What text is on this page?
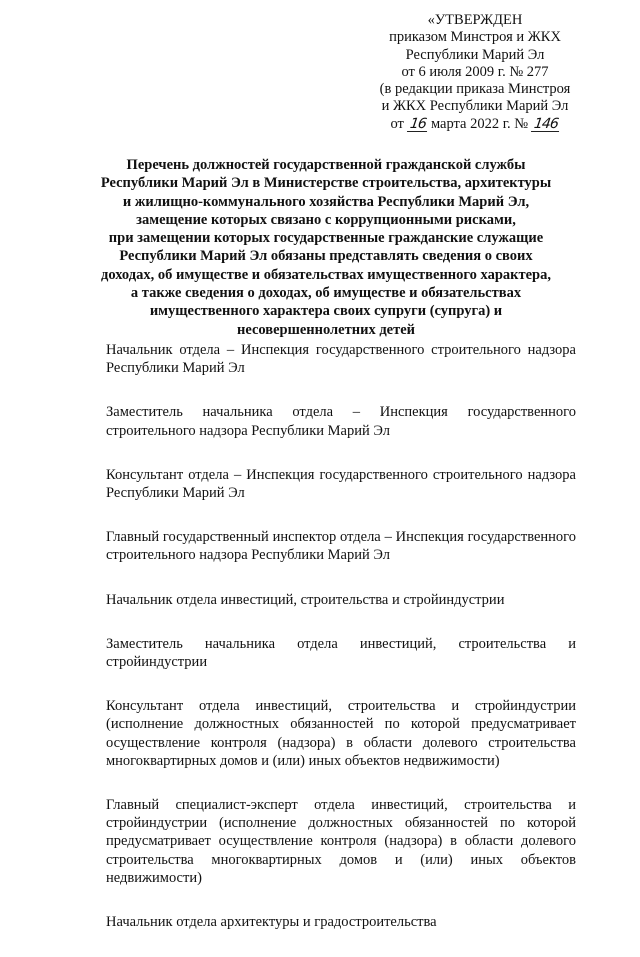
«УТВЕРЖДЕН
приказом Минстроя и ЖКХ
Республики Марий Эл
от 6 июля 2009 г. № 277
(в редакции приказа Минстроя
и ЖКХ Республики Марий Эл
от 16 марта 2022 г. № 146
Перечень должностей государственной гражданской службы
Республики Марий Эл в Министерстве строительства, архитектуры
и жилищно-коммунального хозяйства Республики Марий Эл,
замещение которых связано с коррупционными рисками,
при замещении которых государственные гражданские служащие
Республики Марий Эл обязаны представлять сведения о своих
доходах, об имуществе и обязательствах имущественного характера,
а также сведения о доходах, об имуществе и обязательствах
имущественного характера своих супруги (супруга) и
несовершеннолетних детей

Начальник отдела – Инспекция государственного строительного надзора Республики Марий Эл

Заместитель начальника отдела – Инспекция государственного строительного надзора Республики Марий Эл

Консультант отдела – Инспекция государственного строительного надзора Республики Марий Эл

Главный государственный инспектор отдела – Инспекция государственного строительного надзора Республики Марий Эл

Начальник отдела инвестиций, строительства и стройиндустрии

Заместитель начальника отдела инвестиций, строительства и стройиндустрии

Консультант отдела инвестиций, строительства и стройиндустрии (исполнение должностных обязанностей по которой предусматривает осуществление контроля (надзора) в области долевого строительства многоквартирных домов и (или) иных объектов недвижимости)

Главный специалист-эксперт отдела инвестиций, строительства и стройиндустрии (исполнение должностных обязанностей по которой предусматривает осуществление контроля (надзора) в области долевого строительства многоквартирных домов и (или) иных объектов недвижимости)

Начальник отдела архитектуры и градостроительства
